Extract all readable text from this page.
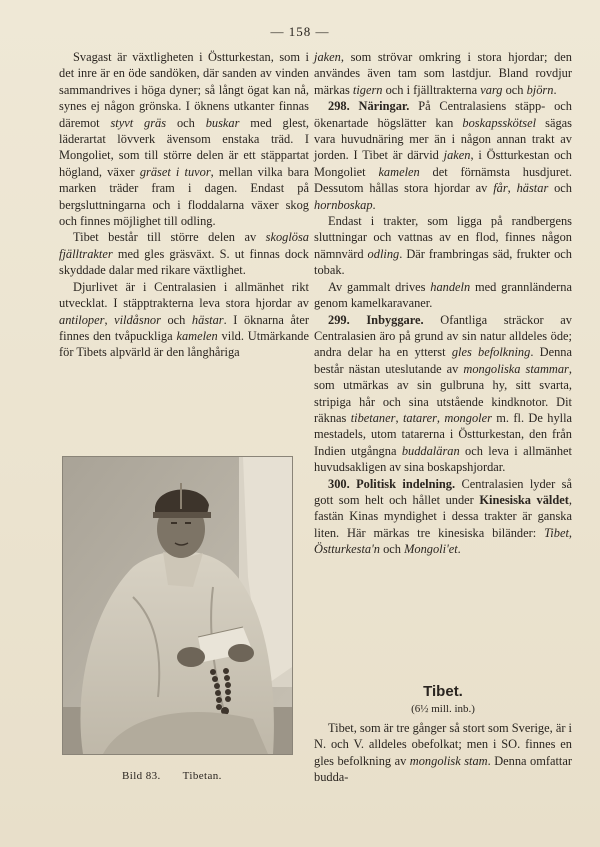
— 158 —

Svagast är växtligheten i Östturkestan, som i det inre är en öde sandöken, där sanden av vinden sammandrives i höga dyner; så långt ögat kan nå, synes ej någon grönska. I öknens utkanter finnas däremot styvt gräs och buskar med glest, läderartat lövverk ävensom enstaka träd. I Mongoliet, som till större delen är ett stäppartat högland, växer gräset i tuvor, mellan vilka bara marken träder fram i dagen. Endast på bergsluttningarna och i floddalarna växer skog och finnes möjlighet till odling.

Tibet består till större delen av skoglösa fjälltrakter med gles gräsväxt. S. ut finnas dock skyddade dalar med rikare växtlighet.

Djurlivet är i Centralasien i allmänhet rikt utvecklat. I stäpptrakterna leva stora hjordar av antiloper, vildåsnor och hästar. I öknarna åter finnes den tvåpuckliga kamelen vild. Utmärkande för Tibets alpvärld är den långhåriga

Bild 83. Tibetan.

jaken, som strövar omkring i stora hjordar; den användes även tam som lastdjur. Bland rovdjur märkas tigern och i fjälltrakterna varg och björn.

298. Näringar. På Centralasiens stäpp- och ökenartade högslätter kan boskapsskötsel sägas vara huvudnäring mer än i någon annan trakt av jorden. I Tibet är därvid jaken, i Östturkestan och Mongoliet kamelen det förnämsta husdjuret. Dessutom hållas stora hjordar av får, hästar och hornboskap.

Endast i trakter, som ligga på randbergens sluttningar och vattnas av en flod, finnes någon nämnvärd odling. Där frambringas säd, frukter och tobak.

Av gammalt drives handeln med grannländerna genom kamelkaravaner.

299. Inbyggare. Ofantliga sträckor av Centralasien äro på grund av sin natur alldeles öde; andra delar ha en ytterst gles befolkning. Denna består nästan uteslutande av mongoliska stammar, som utmärkas av sin gulbruna hy, sitt svarta, stripiga hår och sina utstående kindknotor. Dit räknas tibetaner, tatarer, mongoler m. fl. De hylla mestadels, utom tatarerna i Östturkestan, den från Indien utgångna buddaläran och leva i allmänhet huvudsakligen av sina boskapshjordar.

300. Politisk indelning. Centralasien lyder så gott som helt och hållet under Kinesiska väldet, fastän Kinas myndighet i dessa trakter är ganska liten. Här märkas tre kinesiska biländer: Tibet, Östturkesta'n och Mongoli'et.

Tibet.
(6½ mill. inb.)

Tibet, som är tre gånger så stort som Sverige, är i N. och V. alldeles obefolkat; men i SO. finnes en gles befolkning av mongolisk stam. Denna omfattar budda-
